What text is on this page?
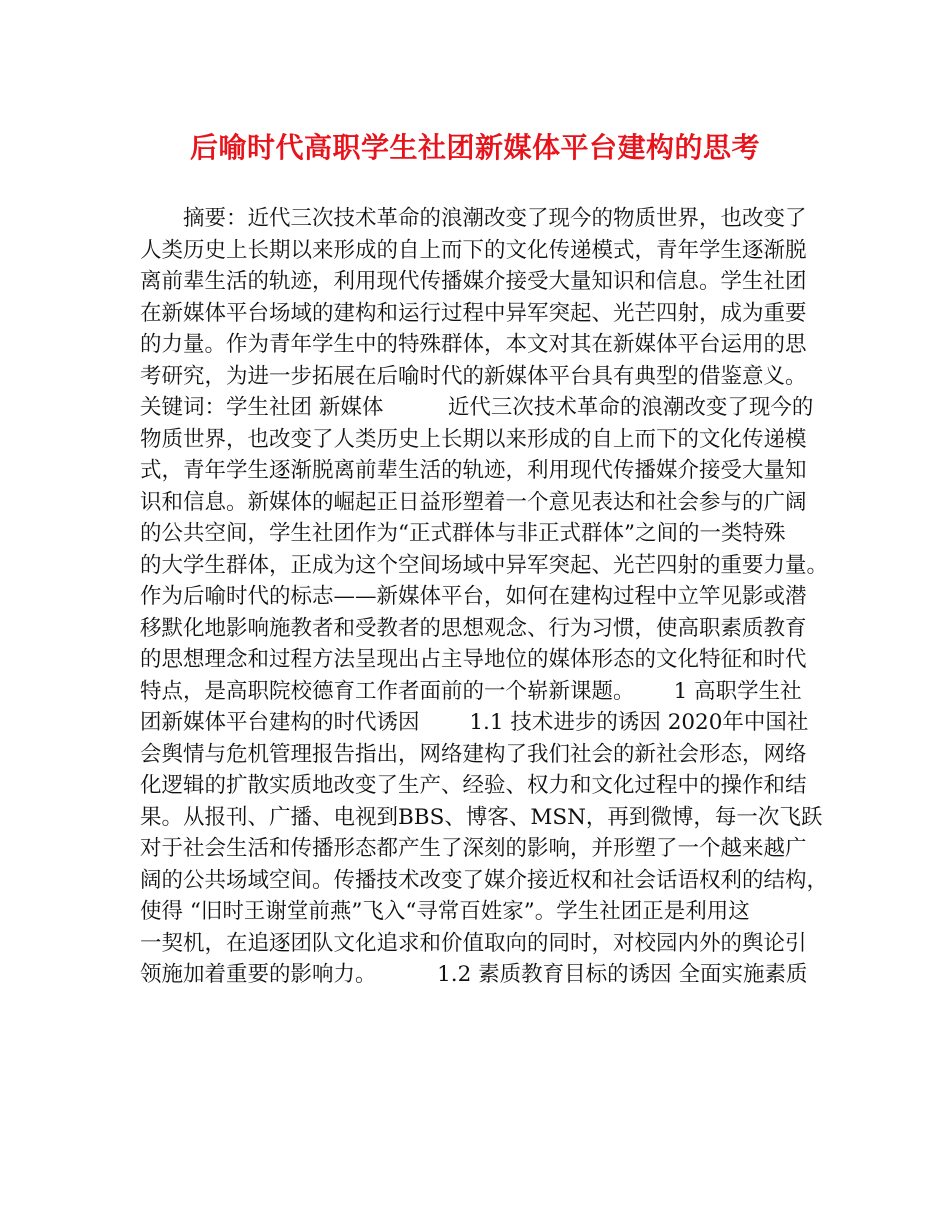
后喻时代高职学生社团新媒体平台建构的思考
摘要：近代三次技术革命的浪潮改变了现今的物质世界，也改变了
人类历史上长期以来形成的自上而下的文化传递模式，青年学生逐渐脱
离前辈生活的轨迹，利用现代传播媒介接受大量知识和信息。学生社团
在新媒体平台场域的建构和运行过程中异军突起、光芒四射，成为重要
的力量。作为青年学生中的特殊群体，本文对其在新媒体平台运用的思
考研究，为进一步拓展在后喻时代的新媒体平台具有典型的借鉴意义。
关键词：学生社团 新媒体　　　近代三次技术革命的浪潮改变了现今的
物质世界，也改变了人类历史上长期以来形成的自上而下的文化传递模
式，青年学生逐渐脱离前辈生活的轨迹，利用现代传播媒介接受大量知
识和信息。新媒体的崛起正日益形塑着一个意见表达和社会参与的广阔
的公共空间，学生社团作为“正式群体与非正式群体”之间的一类特殊
的大学生群体，正成为这个空间场域中异军突起、光芒四射的重要力量。
作为后喻时代的标志——新媒体平台，如何在建构过程中立竿见影或潜
移默化地影响施教者和受教者的思想观念、行为习惯，使高职素质教育
的思想理念和过程方法呈现出占主导地位的媒体形态的文化特征和时代
特点，是高职院校德育工作者面前的一个崭新课题。　　 1 高职学生社
团新媒体平台建构的时代诱因　　 1.1 技术进步的诱因 2020年中国社
会舆情与危机管理报告指出，网络建构了我们社会的新社会形态，网络
化逻辑的扩散实质地改变了生产、经验、权力和文化过程中的操作和结
果。从报刊、广播、电视到BBS、博客、MSN，再到微博，每一次飞跃
对于社会生活和传播形态都产生了深刻的影响，并形塑了一个越来越广
阔的公共场域空间。传播技术改变了媒介接近权和社会话语权利的结构，
使得 “旧时王谢堂前燕”飞入“寻常百姓家”。学生社团正是利用这
一契机，在追逐团队文化追求和价值取向的同时，对校园内外的舆论引
领施加着重要的影响力。　　　 1.2 素质教育目标的诱因 全面实施素质
